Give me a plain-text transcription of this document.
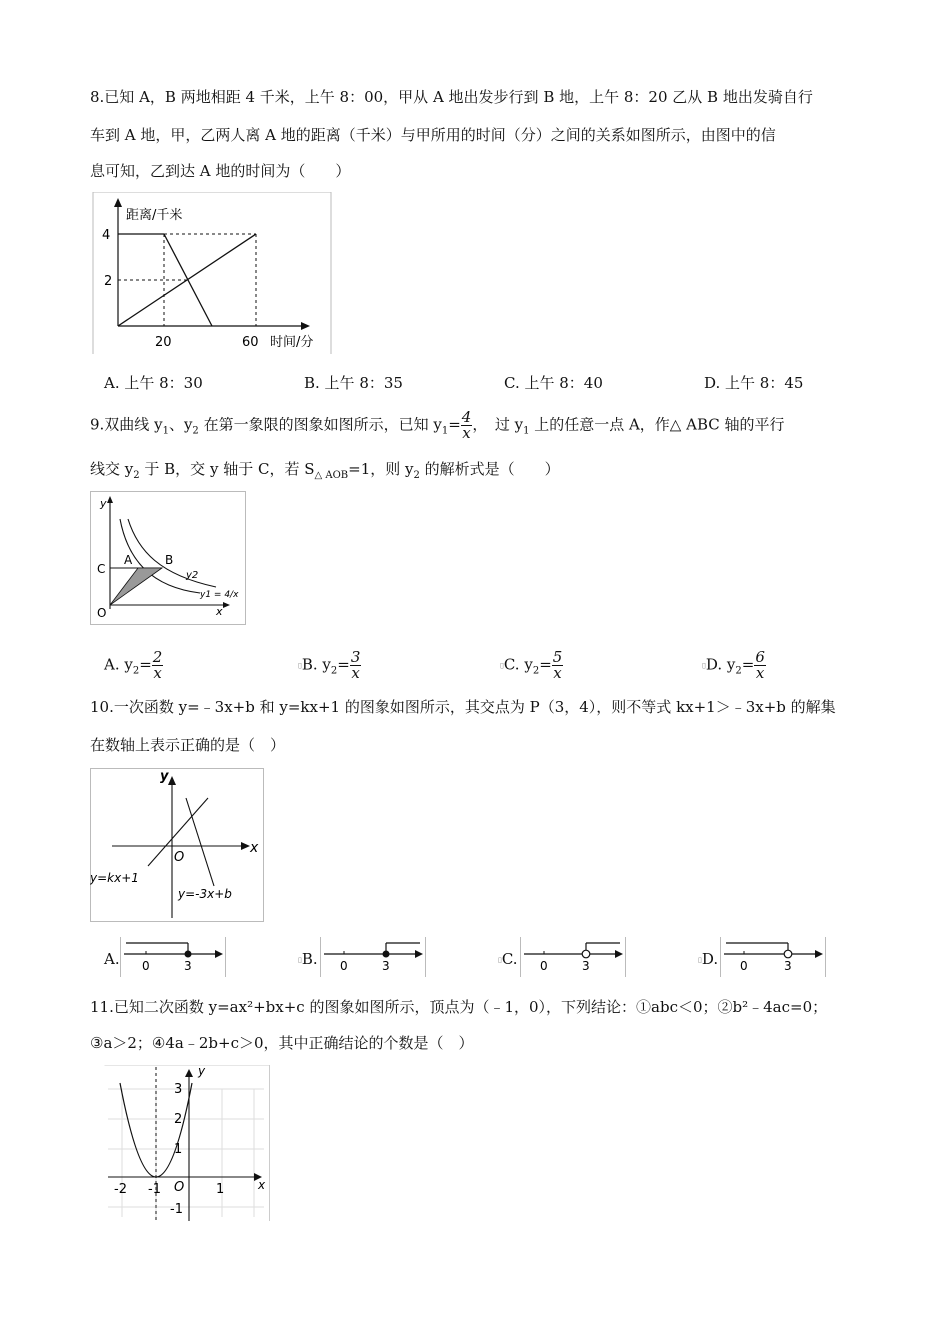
8.已知 A，B 两地相距 4 千米，上午 8：00，甲从 A 地出发步行到 B 地，上午 8：20 乙从 B 地出发骑自行
车到 A 地，甲，乙两人离 A 地的距离（千米）与甲所用的时间（分）之间的关系如图所示，由图中的信
息可知，乙到达 A 地的时间为（　　）
距离/千米
时间/分
4
2
20	60
A. 上午 8：30	B. 上午 8：35	C. 上午 8：40	D. 上午 8：45
9.双曲线 $y_1$、$y_2$ 在第一象限的图象如图所示，已知 $y_1= \frac{4}{x}$ ，　过 $y_1$ 上的任意一点 A，作△ ABC 轴的平行
线交 $y_2$ 于 B，交 y 轴于 C，若 $S_{\triangle AOB}=1$，则 $y_2$ 的解析式是（　　）
y
x
O
C
A	B
y2
y1 = 4/x
A. $y_2= \frac{2}{x}$	▯B. $y_2= \frac{3}{x}$	▯C. $y_2= \frac{5}{x}$	▯D. $y_2= \frac{6}{x}$
10.一次函数 y=﹣3x+b 和 y=kx+1 的图象如图所示，其交点为 P（3，4），则不等式 kx+1＞﹣3x+b 的解集
在数轴上表示正确的是（　）
y
x
O
y=kx+1
y=-3x+b
A. 0	3	▯B. 0	3	▯C. 0	3	▯D. 0	3
11.已知二次函数 y=ax²+bx+c 的图象如图所示，顶点为（﹣1，0），下列结论：①abc＜0；②b²﹣4ac=0；
③a＞2；④4a﹣2b+c＞0，其中正确结论的个数是（　）
y
x
O
-2 -1	1
3
2
1
-1
